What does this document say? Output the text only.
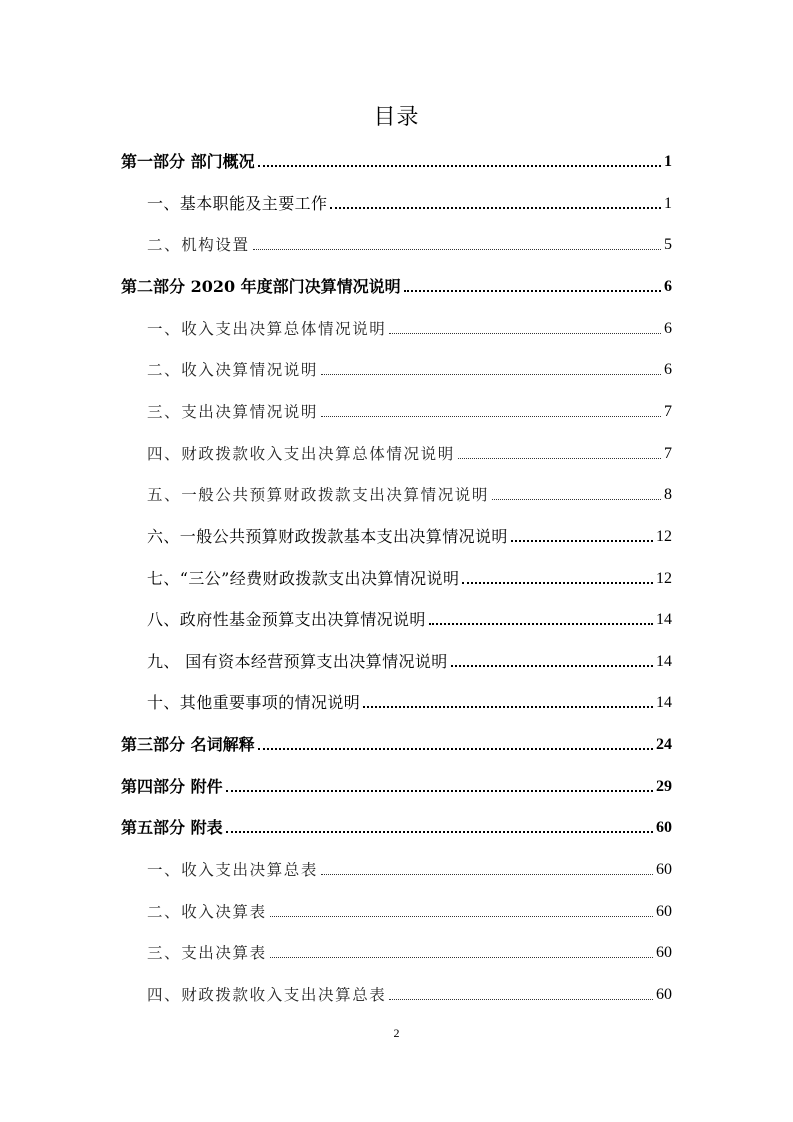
目录
第一部分 部门概况	1
一、基本职能及主要工作	1
二、机构设置	5
第二部分 2020 年度部门决算情况说明	6
一、收入支出决算总体情况说明	6
二、收入决算情况说明	6
三、支出决算情况说明	7
四、财政拨款收入支出决算总体情况说明	7
五、一般公共预算财政拨款支出决算情况说明	8
六、一般公共预算财政拨款基本支出决算情况说明	12
七、“三公”经费财政拨款支出决算情况说明	12
八、政府性基金预算支出决算情况说明	14
九、 国有资本经营预算支出决算情况说明	14
十、其他重要事项的情况说明	14
第三部分 名词解释	24
第四部分 附件	29
第五部分 附表	60
一、收入支出决算总表	60
二、收入决算表	60
三、支出决算表	60
四、财政拨款收入支出决算总表	60
2
